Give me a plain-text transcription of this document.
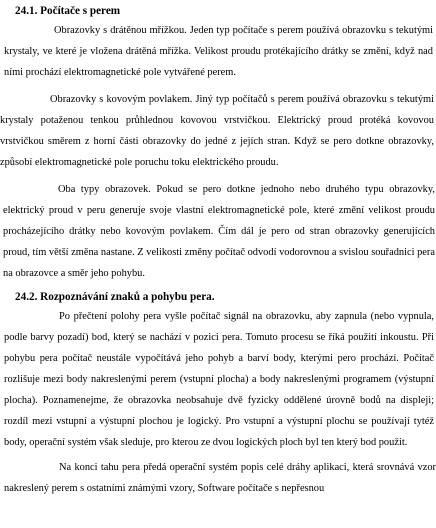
24.1. Počítače s perem
Obrazovky s drátěnou mřížkou. Jeden typ počítače s perem používá obrazovku s tekutými krystaly, ve které je vložena drátěná mřížka. Velikost proudu protékajícího drátky se změní, když nad ními prochází elektromagnetické pole vytvářené perem.
Obrazovky s kovovým povlakem. Jiný typ počítačů s perem používá obrazovku s tekutými krystaly potaženou tenkou průhlednou kovovou vrstvičkou. Elektrický proud protéká kovovou vrstvičkou směrem z horní části obrazovky do jedné z jejích stran. Když se pero dotkne obrazovky, způsobí elektromagnetické pole poruchu toku elektrického proudu.
Oba typy obrazovek. Pokud se pero dotkne jednoho nebo druhého typu obrazovky, elektrický proud v peru generuje svoje vlastní elektromagnetické pole, které změní velikost proudu procházejícího drátky nebo kovovým povlakem. Čím dál je pero od stran obrazovky generujících proud, tím větší změna nastane. Z velikosti změny počítač odvodí vodorovnou a svislou souřadnici pera na obrazovce a směr jeho pohybu.
24.2. Rozpoznávání znaků a pohybu pera.
Po přečtení polohy pera vyšle počítač signál na obrazovku, aby zapnula (nebo vypnula, podle barvy pozadí) bod, který se nachází v pozici pera. Tomuto procesu se říká použití inkoustu. Při pohybu pera počítač neustále vypočítává jeho pohyb a barví body, kterými pero prochází. Počítač rozlišuje mezi body nakreslenými perem (vstupní plocha) a body nakreslenými programem (výstupní plocha). Poznamenejme, že obrazovka neobsahuje dvě fyzicky oddělené úrovně bodů na displeji; rozdíl mezi vstupní a výstupní plochou je logický. Pro vstupní a výstupní plochu se používají tytéž body, operační systém však sleduje, pro kterou ze dvou logických ploch byl ten který bod použit.
Na konci tahu pera předá operační systém popis celé dráhy aplikaci, která srovnává vzor nakreslený perem s ostatními známými vzory, Software počítače s nepřesnou
